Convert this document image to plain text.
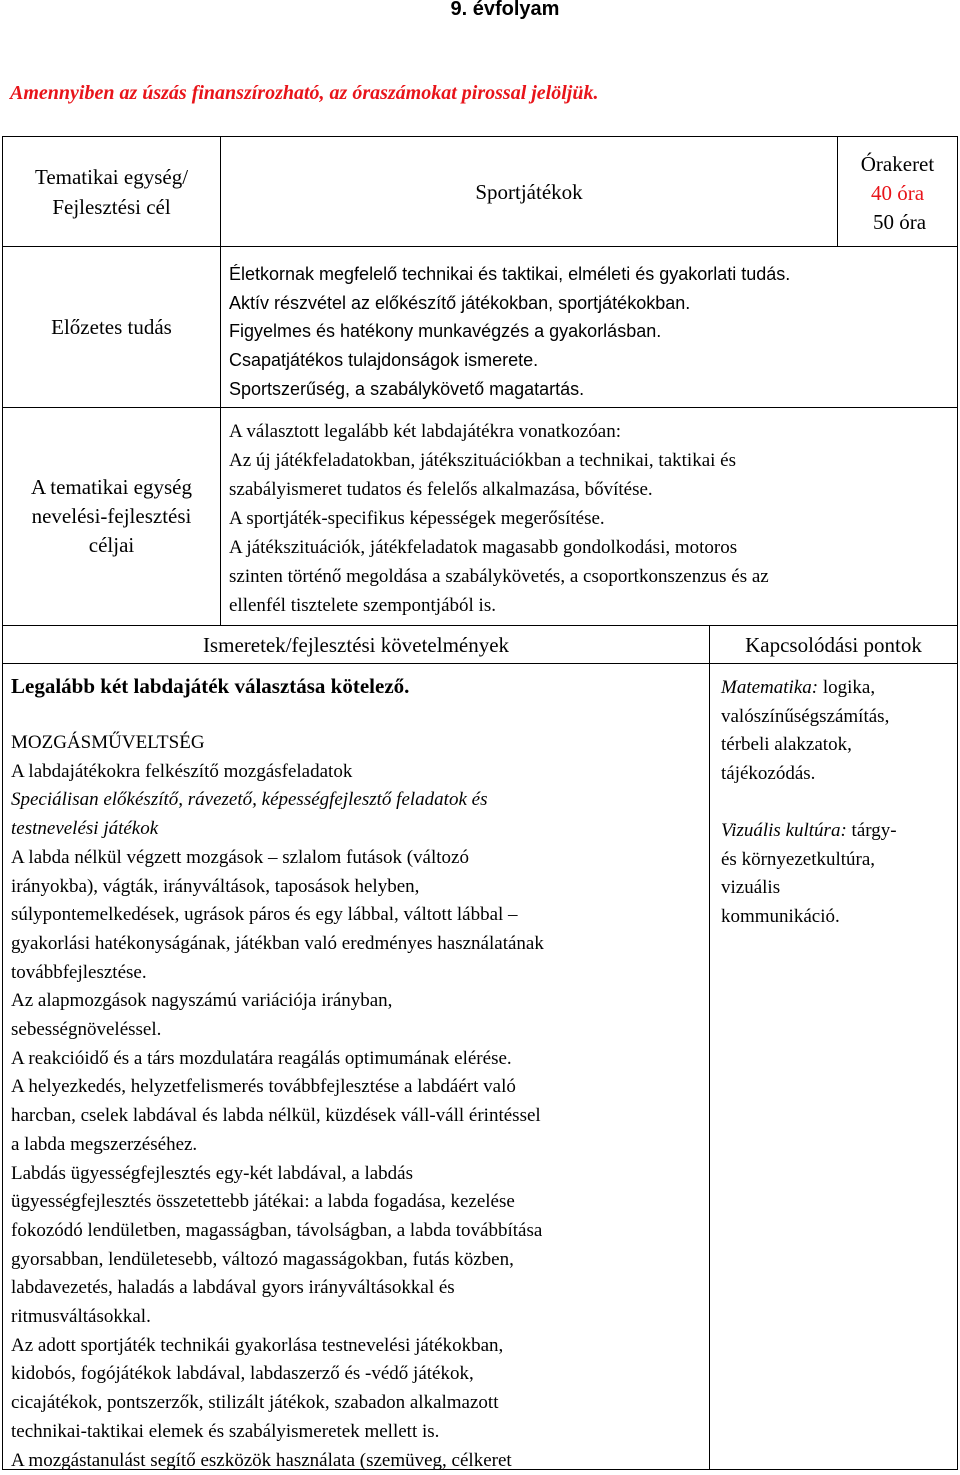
9. évfolyam
Amennyiben az úszás finanszírozható, az óraszámokat pirossal jelöljük.
Tematikai egység/
Fejlesztési cél
Sportjátékok
Órakeret
40 óra
50 óra
Előzetes tudás
Életkornak megfelelő technikai és taktikai, elméleti és gyakorlati tudás.
Aktív részvétel az előkészítő játékokban, sportjátékokban.
Figyelmes és hatékony munkavégzés a gyakorlásban.
Csapatjátékos tulajdonságok ismerete.
Sportszerűség, a szabálykövető magatartás.
A tematikai egység
nevelési-fejlesztési
céljai
A választott legalább két labdajátékra vonatkozóan:
Az új játékfeladatokban, játékszituációkban a technikai, taktikai és
szabályismeret tudatos és felelős alkalmazása, bővítése.
A sportjáték-specifikus képességek megerősítése.
A játékszituációk, játékfeladatok magasabb gondolkodási, motoros
szinten történő megoldása a szabálykövetés, a csoportkonszenzus és az
ellenfél tisztelete szempontjából is.
Ismeretek/fejlesztési követelmények	Kapcsolódási pontok
Legalább két labdajáték választása kötelező.
MOZGÁSMŰVELTSÉG
A labdajátékokra felkészítő mozgásfeladatok
Speciálisan előkészítő, rávezető, képességfejlesztő feladatok és
testnevelési játékok
A labda nélkül végzett mozgások – szlalom futások (változó
irányokba), vágták, irányváltások, taposások helyben,
súlypontemelkedések, ugrások páros és egy lábbal, váltott lábbal –
gyakorlási hatékonyságának, játékban való eredményes használatának
továbbfejlesztése.
Az alapmozgások nagyszámú variációja irányban,
sebességnöveléssel.
A reakcióidő és a társ mozdulatára reagálás optimumának elérése.
A helyezkedés, helyzetfelismerés továbbfejlesztése a labdáért való
harcban, cselek labdával és labda nélkül, küzdések váll-váll érintéssel
a labda megszerzéséhez.
Labdás ügyességfejlesztés egy-két labdával, a labdás
ügyességfejlesztés összetettebb játékai: a labda fogadása, kezelése
fokozódó lendületben, magasságban, távolságban, a labda továbbítása
gyorsabban, lendületesebb, változó magasságokban, futás közben,
labdavezetés, haladás a labdával gyors irányváltásokkal és
ritmusváltásokkal.
Az adott sportjáték technikái gyakorlása testnevelési játékokban,
kidobós, fogójátékok labdával, labdaszerző és -védő játékok,
cicajátékok, pontszerzők, stilizált játékok, szabadon alkalmazott
technikai-taktikai elemek és szabályismeretek mellett is.
A mozgástanulást segítő eszközök használata (szemüveg, célkeret
Matematika: logika,
valószínűségszámítás,
térbeli alakzatok,
tájékozódás.
Vizuális kultúra: tárgy-
és környezetkultúra,
vizuális
kommunikáció.
